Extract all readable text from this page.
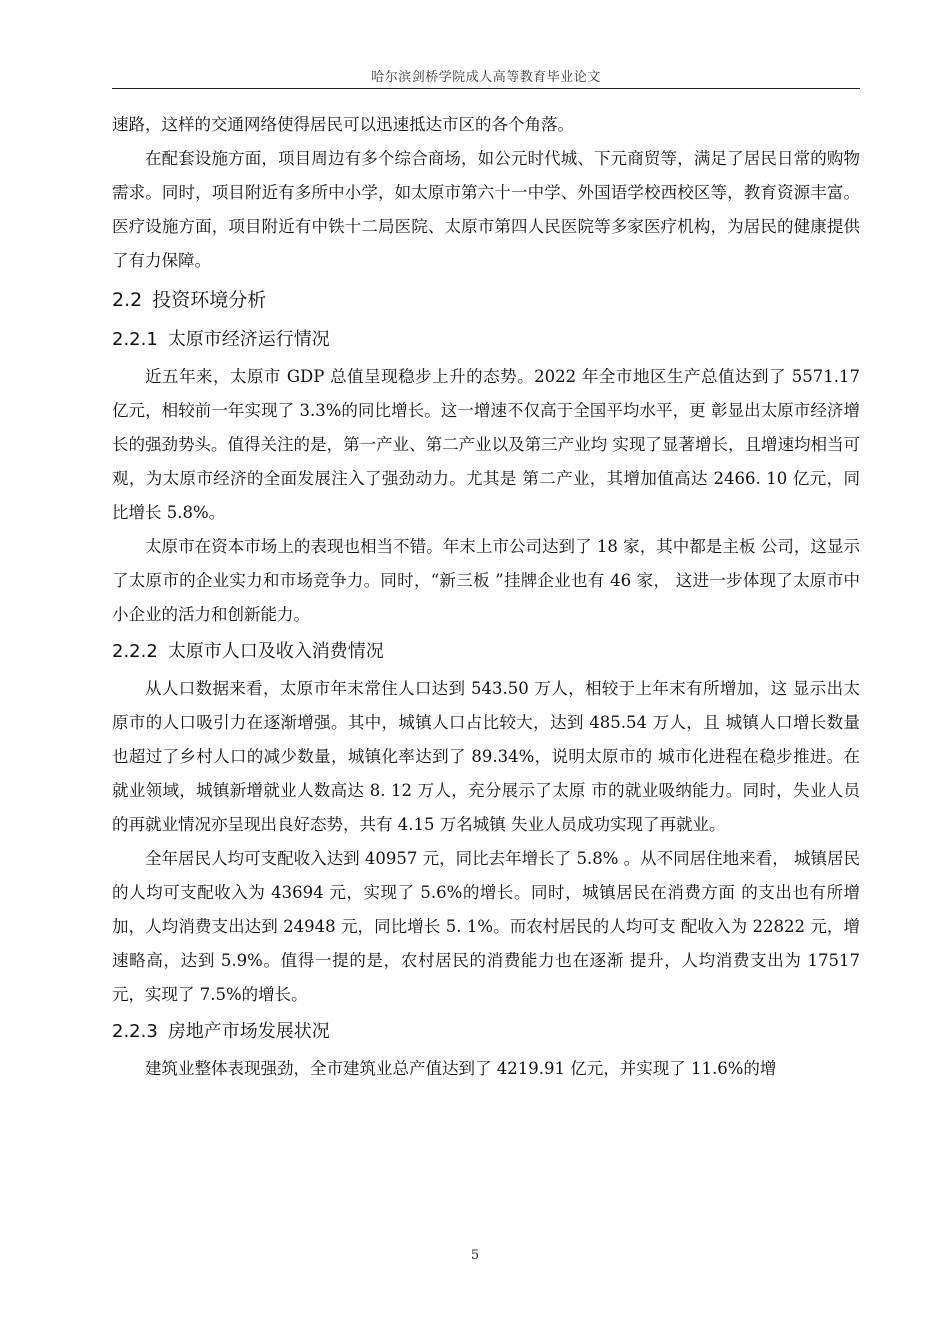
哈尔滨剑桥学院成人高等教育毕业论文

速路，这样的交通网络使得居民可以迅速抵达市区的各个角落。

在配套设施方面，项目周边有多个综合商场，如公元时代城、下元商贸等，满足了居民日常的购物需求。同时，项目附近有多所中小学，如太原市第六十一中学、外国语学校西校区等，教育资源丰富。医疗设施方面，项目附近有中铁十二局医院、太原市第四人民医院等多家医疗机构，为居民的健康提供了有力保障。

2.2 投资环境分析
2.2.1 太原市经济运行情况

近五年来，太原市 GDP 总值呈现稳步上升的态势。2022 年全市地区生产总值达到了 5571.17 亿元，相较前一年实现了 3.3%的同比增长。这一增速不仅高于全国平均水平，更 彰显出太原市经济增长的强劲势头。值得关注的是，第一产业、第二产业以及第三产业均 实现了显著增长，且增速均相当可观，为太原市经济的全面发展注入了强劲动力。尤其是 第二产业，其增加值高达 2466. 10 亿元，同比增长 5.8%。

太原市在资本市场上的表现也相当不错。年末上市公司达到了 18 家，其中都是主板 公司，这显示了太原市的企业实力和市场竞争力。同时，“新三板 ”挂牌企业也有 46 家， 这进一步体现了太原市中小企业的活力和创新能力。

2.2.2 太原市人口及收入消费情况

从人口数据来看，太原市年末常住人口达到 543.50 万人，相较于上年末有所增加，这 显示出太原市的人口吸引力在逐渐增强。其中，城镇人口占比较大，达到 485.54 万人，且 城镇人口增长数量也超过了乡村人口的减少数量，城镇化率达到了 89.34%，说明太原市的 城市化进程在稳步推进。在就业领域，城镇新增就业人数高达 8. 12 万人，充分展示了太原 市的就业吸纳能力。同时，失业人员的再就业情况亦呈现出良好态势，共有 4.15 万名城镇 失业人员成功实现了再就业。

全年居民人均可支配收入达到 40957 元，同比去年增长了 5.8% 。从不同居住地来看， 城镇居民的人均可支配收入为 43694 元，实现了 5.6%的增长。同时，城镇居民在消费方面 的支出也有所增加，人均消费支出达到 24948 元，同比增长 5. 1%。而农村居民的人均可支 配收入为 22822 元，增速略高，达到 5.9%。值得一提的是，农村居民的消费能力也在逐渐 提升，人均消费支出为 17517 元，实现了 7.5%的增长。

2.2.3 房地产市场发展状况

建筑业整体表现强劲，全市建筑业总产值达到了 4219.91 亿元，并实现了 11.6%的增

5
